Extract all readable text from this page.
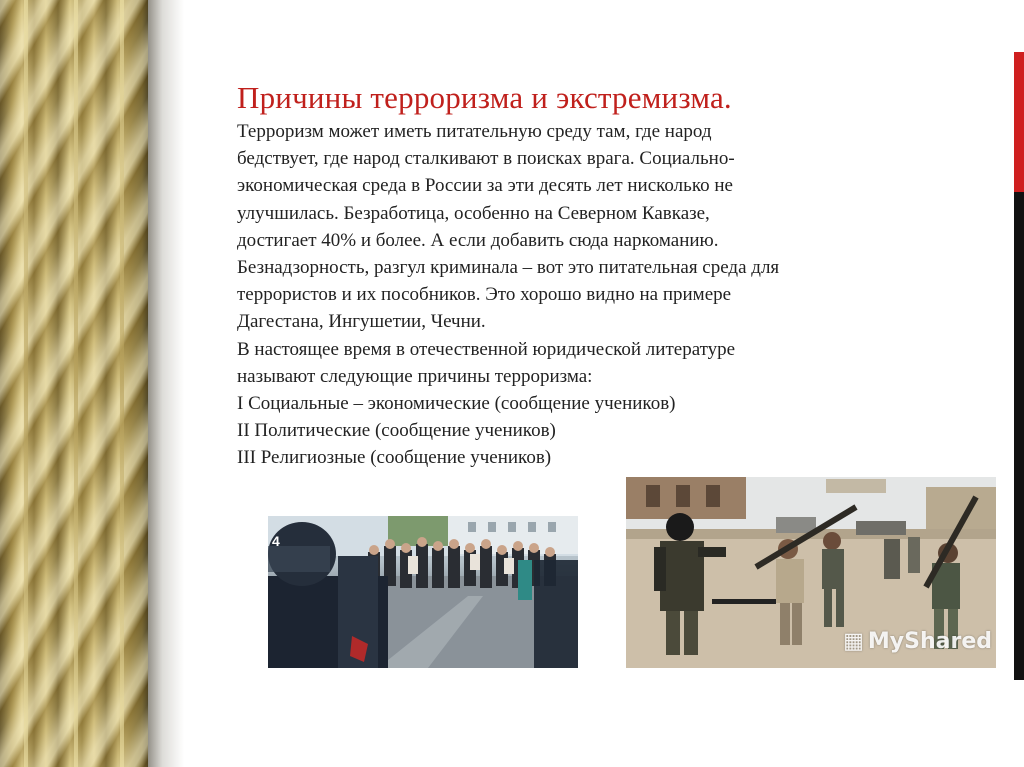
Причины терроризма и экстремизма.

Терроризм может иметь питательную среду там, где народ

бедствует, где народ сталкивают в поисках врага. Социально-

экономическая среда в России за эти десять лет нисколько не

улучшилась. Безработица, особенно на Северном Кавказе,

достигает 40% и более. А если добавить сюда наркоманию.

Безнадзорность, разгул криминала – вот это питательная среда для

террористов и их пособников. Это хорошо видно на примере

Дагестана, Ингушетии, Чечни.

В настоящее время в отечественной юридической литературе

называют следующие причины терроризма:

I Социальные – экономические (сообщение учеников)

II Политические (сообщение учеников)

III Религиозные (сообщение учеников)

4
▦ MyShared
